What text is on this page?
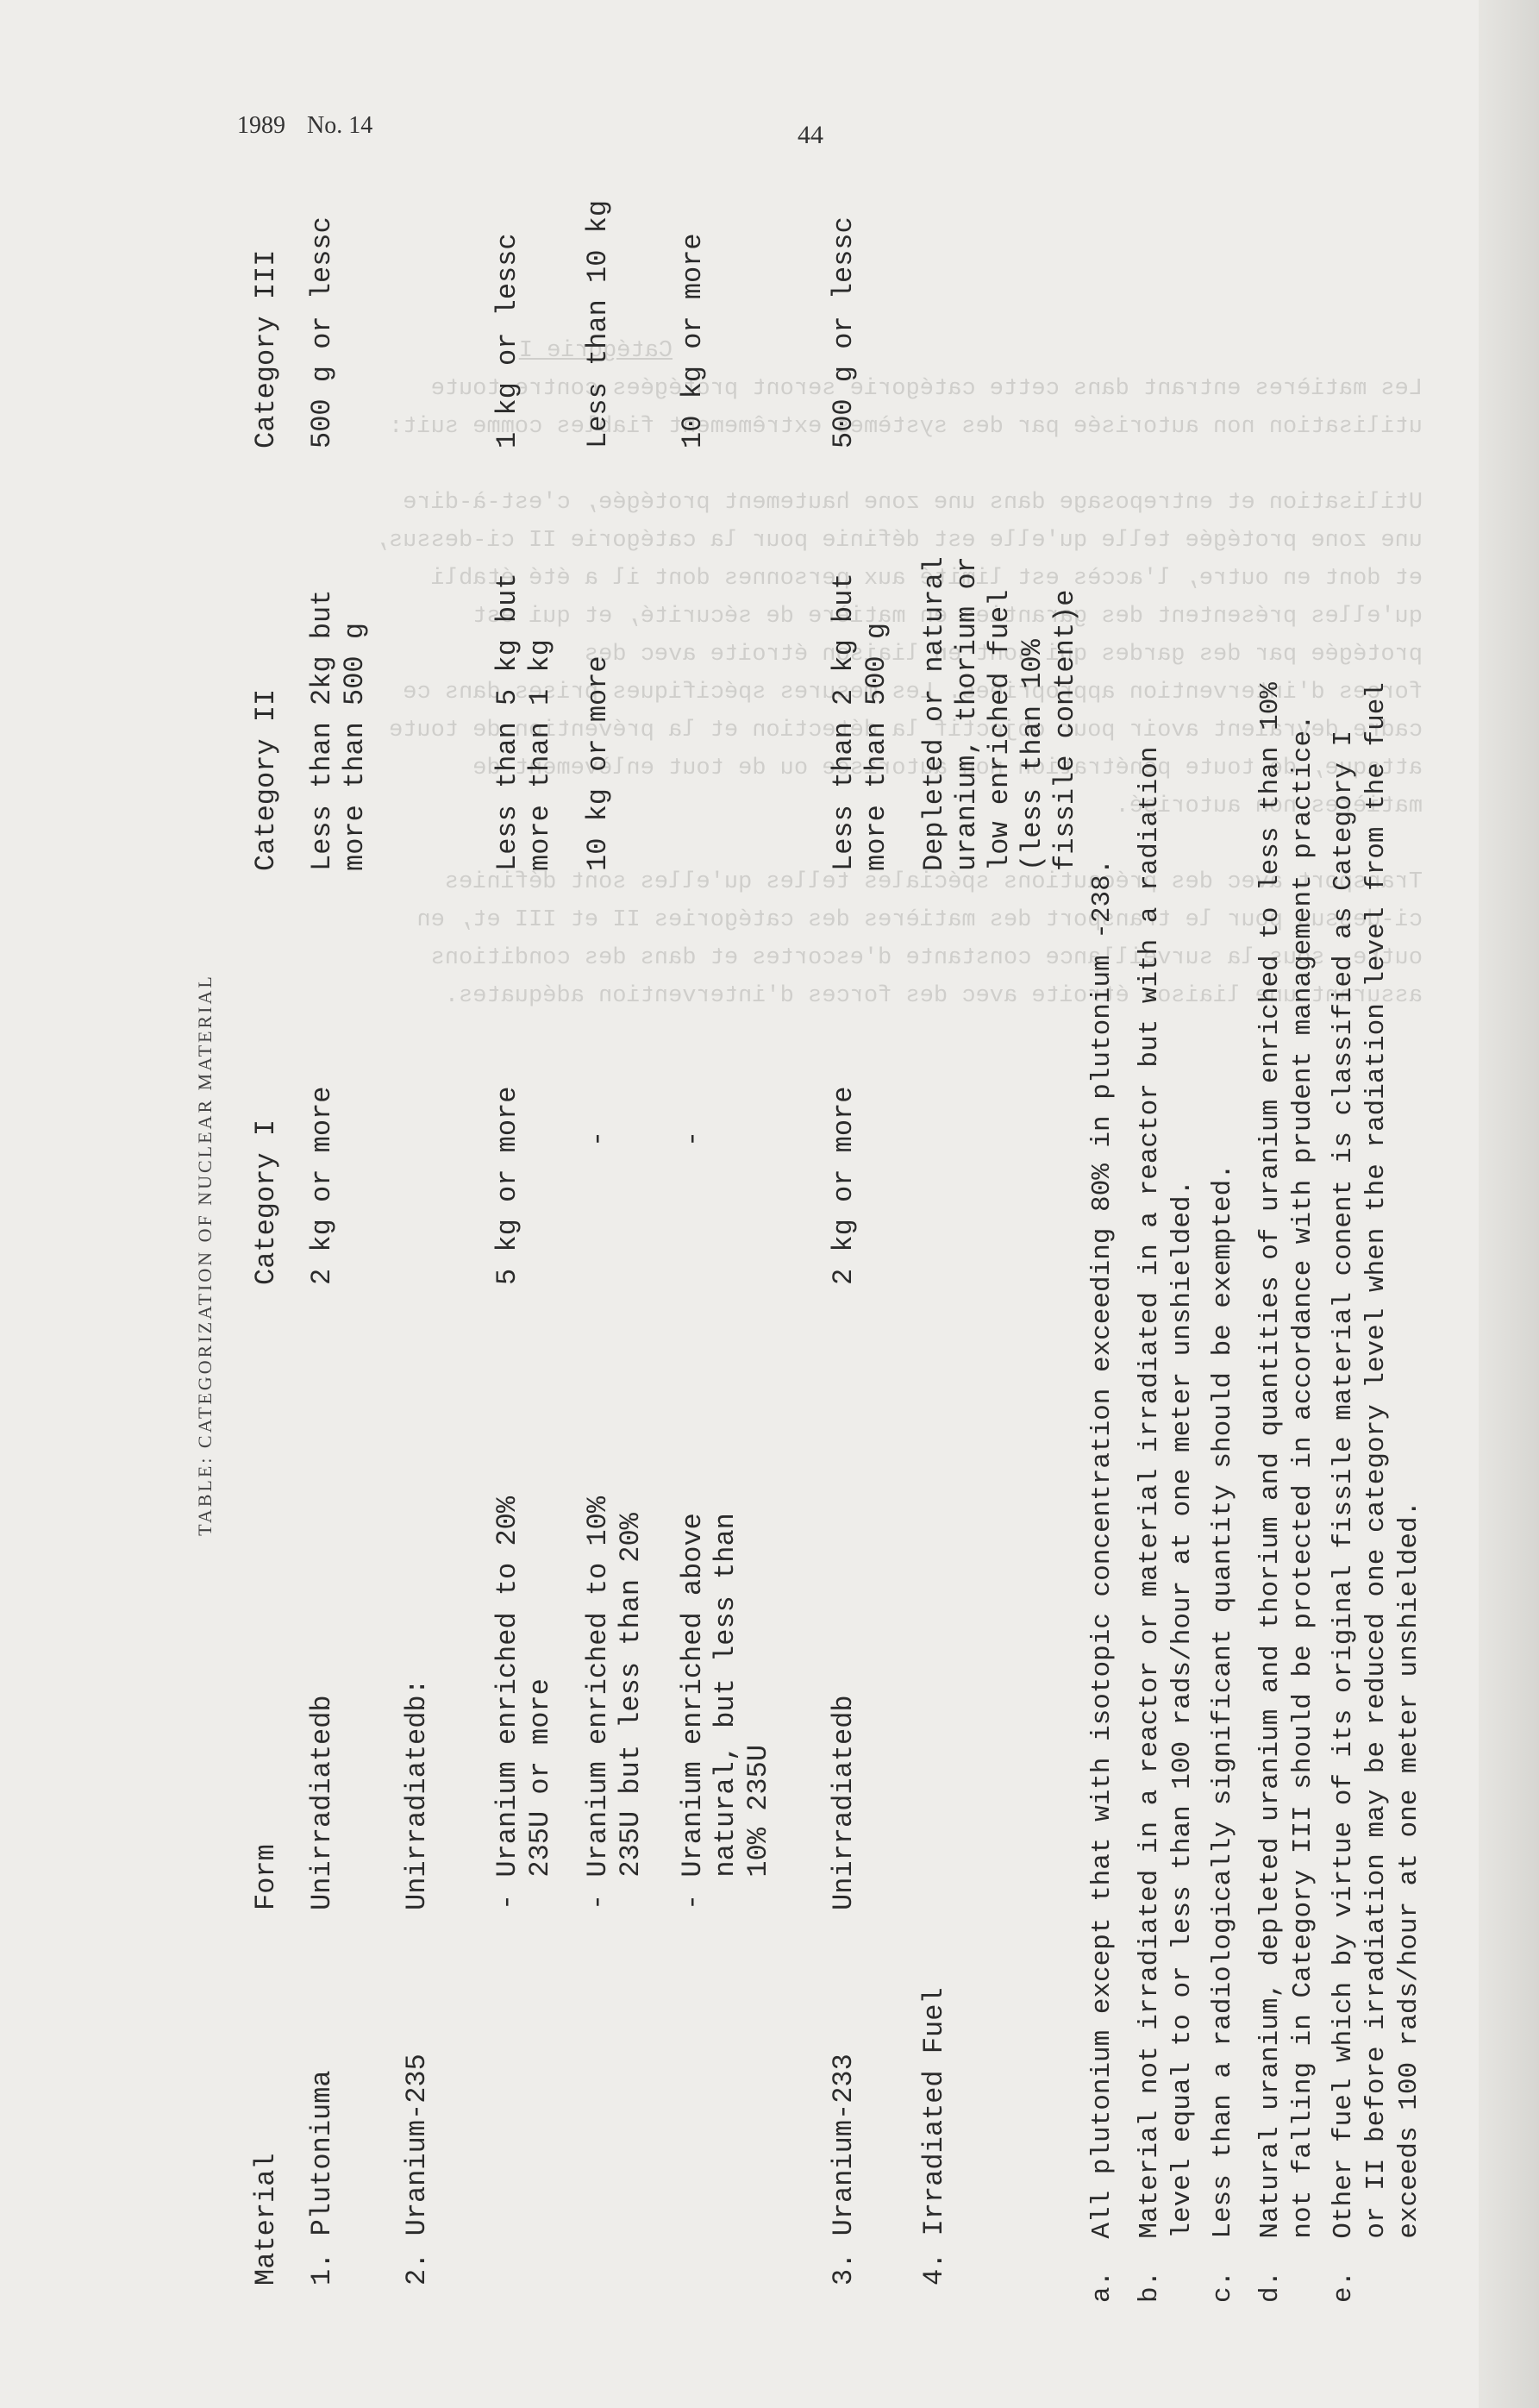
1989 No. 14	44
Catégorie I
Les matières entrant dans cette catégorie seront protégées contre toute
utilisation non autorisée par des systèmes extrêmement fiables comme suit:
Utilisation et entreposage dans une zone hautement protégée, c'est-à-dire
une zone protégée telle qu'elle est définie pour la catégorie II ci-dessus,
et dont en outre, l'accès est limité aux personnes dont il a été établi
qu'elles présentent des garanties en matière de sécurité, et qui est
protégée par des gardes qui sont en liaison étroite avec des
forces d'intervention appropriées. Les mesures spécifiques prises dans ce
cadre devraient avoir pour objectif la détection et la prévention de toute
attaque, de toute pénétration non autorisée ou de tout enlèvement de
matières non autorisé.
Transport avec des précautions spéciales telles qu'elles sont définies
ci-dessus pour le transport des matières des catégories II et III et, en
outre, sous la surveillance constante d'escortes et dans des conditions
assurant une liaison étroite avec des forces d'intervention adéquates.
TABLE: CATEGORIZATION OF NUCLEAR MATERIAL
Material
Form
Category I
Category II
Category III
1. Plutoniuma
Unirradiatedb
2 kg or more
Less than 2kg but
more than 500 g
500 g or lessc
2. Uranium-235
Unirradiatedb: - Uranium enriched to 20%
235U or more
5 kg or more
Less than 5 kg but
more than 1 kg
1 kg or lessc
- Uranium enriched to 10%
235U but less than 20%
-
10 kg or more
Less than 10 kg
- Uranium enriched above
natural, but less than
10% 235U
-
10 kg or more
3. Uranium-233
Unirradiatedb
2 kg or more
Less than 2 kg but
more than 500 g
500 g or lessc
4. Irradiated Fuel
Depleted or natural
uranium, thorium or
low enriched fuel
(less than 10%
fissile content)e
a.  All plutonium except that with isotopic concentration exceeding 80% in plutonium -238. b.  Material not irradiated in a reactor or material irradiated in a reactor but with a radiation
level equal to or less than 100 rads/hour at one meter unshielded. c.  Less than a radiologically significant quantity should be exempted. d.  Natural uranium, depleted uranium and thorium and quantities of uranium enriched to less than 10%
not falling in Category III should be protected in accordance with prudent management practice.
e.  Other fuel which by virtue of its original fissile material conent is classified as Category I
or II before irradiation may be reduced one category level when the radiation level from the fuel
exceeds 100 rads/hour at one meter unshielded.
